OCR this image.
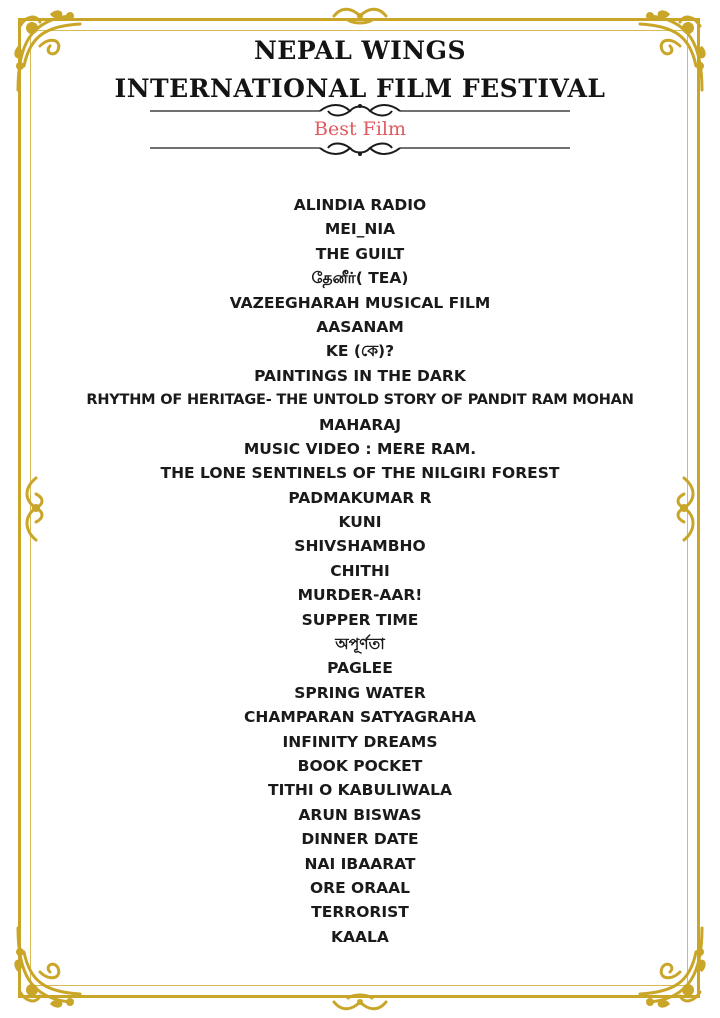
NEPAL WINGS
INTERNATIONAL FILM FESTIVAL
Best Film
ALINDIA RADIO
MEI_NIA
THE GUILT
தேனீர்( TEA)
VAZEEGHARAH MUSICAL FILM
AASANAM
KE (কে)?
PAINTINGS IN THE DARK
RHYTHM OF HERITAGE- THE UNTOLD STORY OF PANDIT RAM MOHAN
MAHARAJ
MUSIC VIDEO : MERE RAM.
THE LONE SENTINELS OF THE NILGIRI FOREST
PADMAKUMAR R
KUNI
SHIVSHAMBHO
CHITHI
MURDER-AAR!
SUPPER TIME
অপূর্ণতা
PAGLEE
SPRING WATER
CHAMPARAN SATYAGRAHA
INFINITY DREAMS
BOOK POCKET
TITHI O KABULIWALA
ARUN BISWAS
DINNER DATE
NAI IBAARAT
ORE ORAAL
TERRORIST
KAALA
